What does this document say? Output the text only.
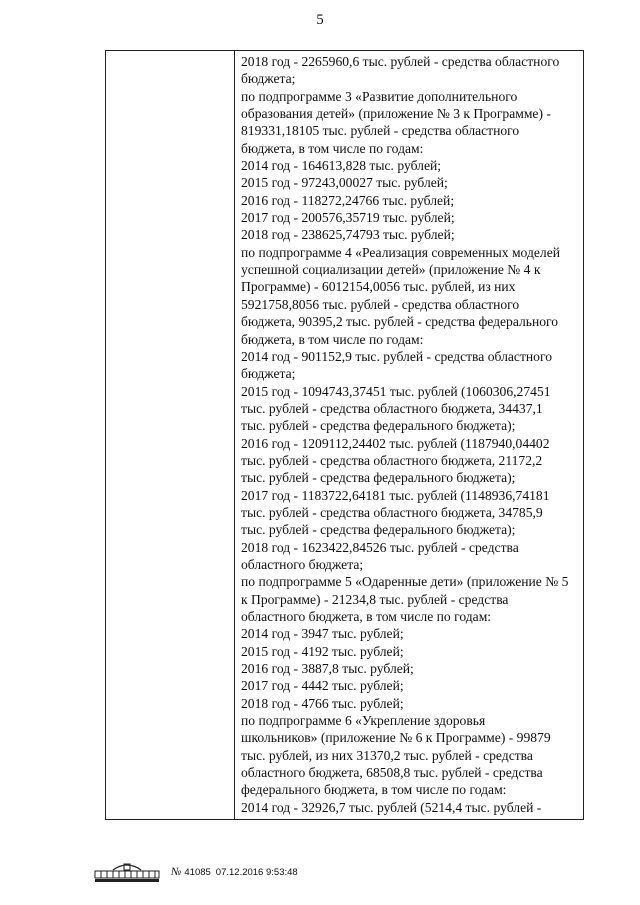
5
2018 год - 2265960,6 тыс. рублей - средства областного
бюджета;
по подпрограмме 3 «Развитие дополнительного
образования детей» (приложение № 3 к Программе) -
819331,18105 тыс. рублей - средства областного
бюджета, в том числе по годам:
2014 год - 164613,828 тыс. рублей;
2015 год - 97243,00027 тыс. рублей;
2016 год - 118272,24766 тыс. рублей;
2017 год - 200576,35719 тыс. рублей;
2018 год - 238625,74793 тыс. рублей;
по подпрограмме 4 «Реализация современных моделей
успешной социализации детей» (приложение № 4 к
Программе) - 6012154,0056 тыс. рублей, из них
5921758,8056 тыс. рублей - средства областного
бюджета, 90395,2 тыс. рублей - средства федерального
бюджета, в том числе по годам:
2014 год - 901152,9 тыс. рублей - средства областного
бюджета;
2015 год - 1094743,37451 тыс. рублей (1060306,27451
тыс. рублей - средства областного бюджета, 34437,1
тыс. рублей - средства федерального бюджета);
2016 год - 1209112,24402 тыс. рублей (1187940,04402
тыс. рублей - средства областного бюджета, 21172,2
тыс. рублей - средства федерального бюджета);
2017 год - 1183722,64181 тыс. рублей (1148936,74181
тыс. рублей - средства областного бюджета, 34785,9
тыс. рублей - средства федерального бюджета);
2018 год - 1623422,84526 тыс. рублей - средства
областного бюджета;
по подпрограмме 5 «Одаренные дети» (приложение № 5
к Программе) - 21234,8 тыс. рублей - средства
областного бюджета, в том числе по годам:
2014 год - 3947 тыс. рублей;
2015 год - 4192 тыс. рублей;
2016 год - 3887,8 тыс. рублей;
2017 год - 4442 тыс. рублей;
2018 год - 4766 тыс. рублей;
по подпрограмме 6 «Укрепление здоровья
школьников» (приложение № 6 к Программе) - 99879
тыс. рублей, из них 31370,2 тыс. рублей - средства
областного бюджета, 68508,8 тыс. рублей - средства
федерального бюджета, в том числе по годам:
2014 год - 32926,7 тыс. рублей (5214,4 тыс. рублей -
№ 41085 07.12.2016 9:53:48
